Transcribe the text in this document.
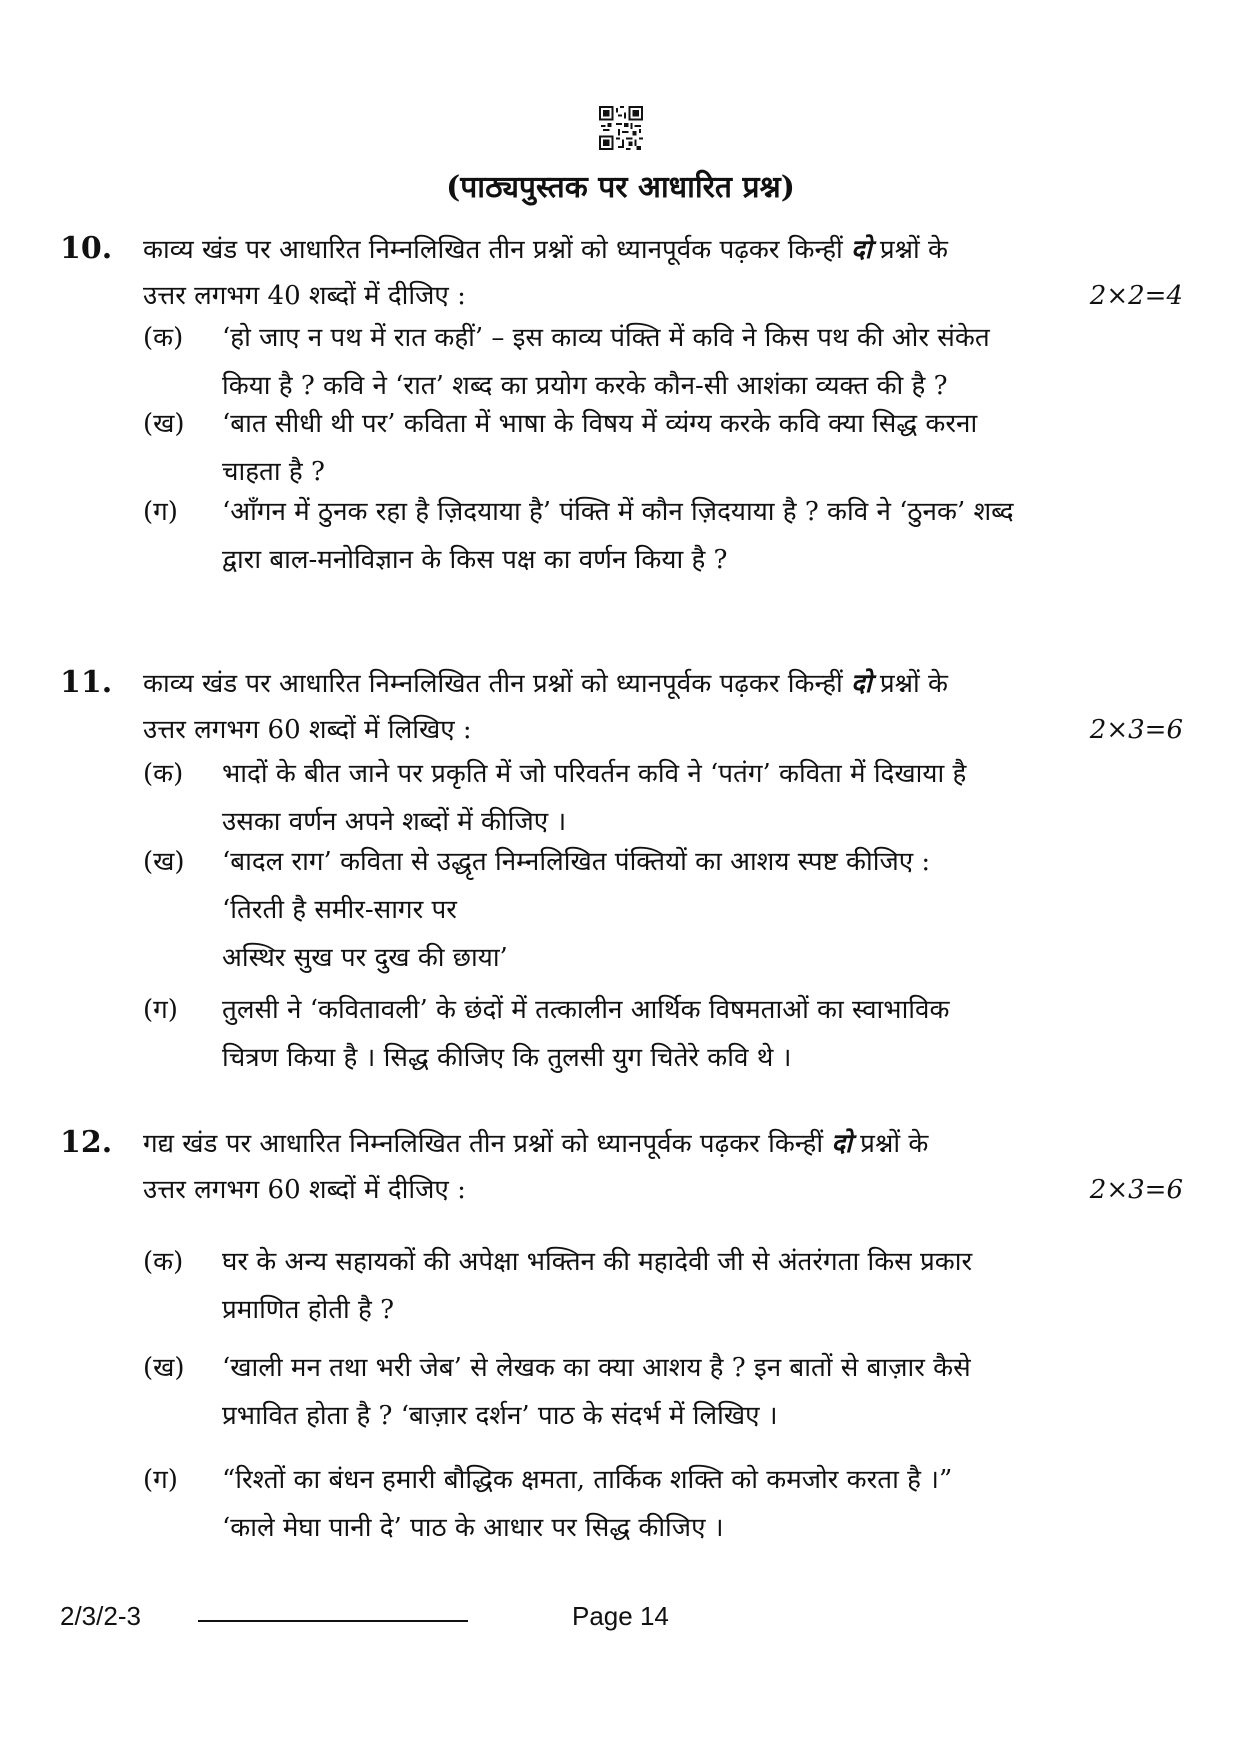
(पाठ्यपुस्तक पर आधारित प्रश्न)
10. काव्य खंड पर आधारित निम्नलिखित तीन प्रश्नों को ध्यानपूर्वक पढ़कर किन्हीं दो प्रश्नों के
उत्तर लगभग 40 शब्दों में दीजिए :	2×2=4
(क) ‘हो जाए न पथ में रात कहीं’ – इस काव्य पंक्ति में कवि ने किस पथ की ओर संकेत
किया है ? कवि ने ‘रात’ शब्द का प्रयोग करके कौन-सी आशंका व्यक्त की है ?
(ख) ‘बात सीधी थी पर’ कविता में भाषा के विषय में व्यंग्य करके कवि क्या सिद्ध करना
चाहता है ?
(ग) ‘आँगन में ठुनक रहा है ज़िदयाया है’ पंक्ति में कौन ज़िदयाया है ? कवि ने ‘ठुनक’ शब्द
द्वारा बाल-मनोविज्ञान के किस पक्ष का वर्णन किया है ?
11. काव्य खंड पर आधारित निम्नलिखित तीन प्रश्नों को ध्यानपूर्वक पढ़कर किन्हीं दो प्रश्नों के
उत्तर लगभग 60 शब्दों में लिखिए :	2×3=6
(क) भादों के बीत जाने पर प्रकृति में जो परिवर्तन कवि ने ‘पतंग’ कविता में दिखाया है
उसका वर्णन अपने शब्दों में कीजिए ।
(ख) ‘बादल राग’ कविता से उद्धृत निम्नलिखित पंक्तियों का आशय स्पष्ट कीजिए :
‘तिरती है समीर-सागर पर
अस्थिर सुख पर दुख की छाया’
(ग) तुलसी ने ‘कवितावली’ के छंदों में तत्कालीन आर्थिक विषमताओं का स्वाभाविक
चित्रण किया है । सिद्ध कीजिए कि तुलसी युग चितेरे कवि थे ।
12. गद्य खंड पर आधारित निम्नलिखित तीन प्रश्नों को ध्यानपूर्वक पढ़कर किन्हीं दो प्रश्नों के
उत्तर लगभग 60 शब्दों में दीजिए :	2×3=6
(क) घर के अन्य सहायकों की अपेक्षा भक्तिन की महादेवी जी से अंतरंगता किस प्रकार
प्रमाणित होती है ?
(ख) ‘खाली मन तथा भरी जेब’ से लेखक का क्या आशय है ? इन बातों से बाज़ार कैसे
प्रभावित होता है ? ‘बाज़ार दर्शन’ पाठ के संदर्भ में लिखिए ।
(ग) “रिश्तों का बंधन हमारी बौद्धिक क्षमता, तार्किक शक्ति को कमजोर करता है ।”
‘काले मेघा पानी दे’ पाठ के आधार पर सिद्ध कीजिए ।
2/3/2-3	Page 14
